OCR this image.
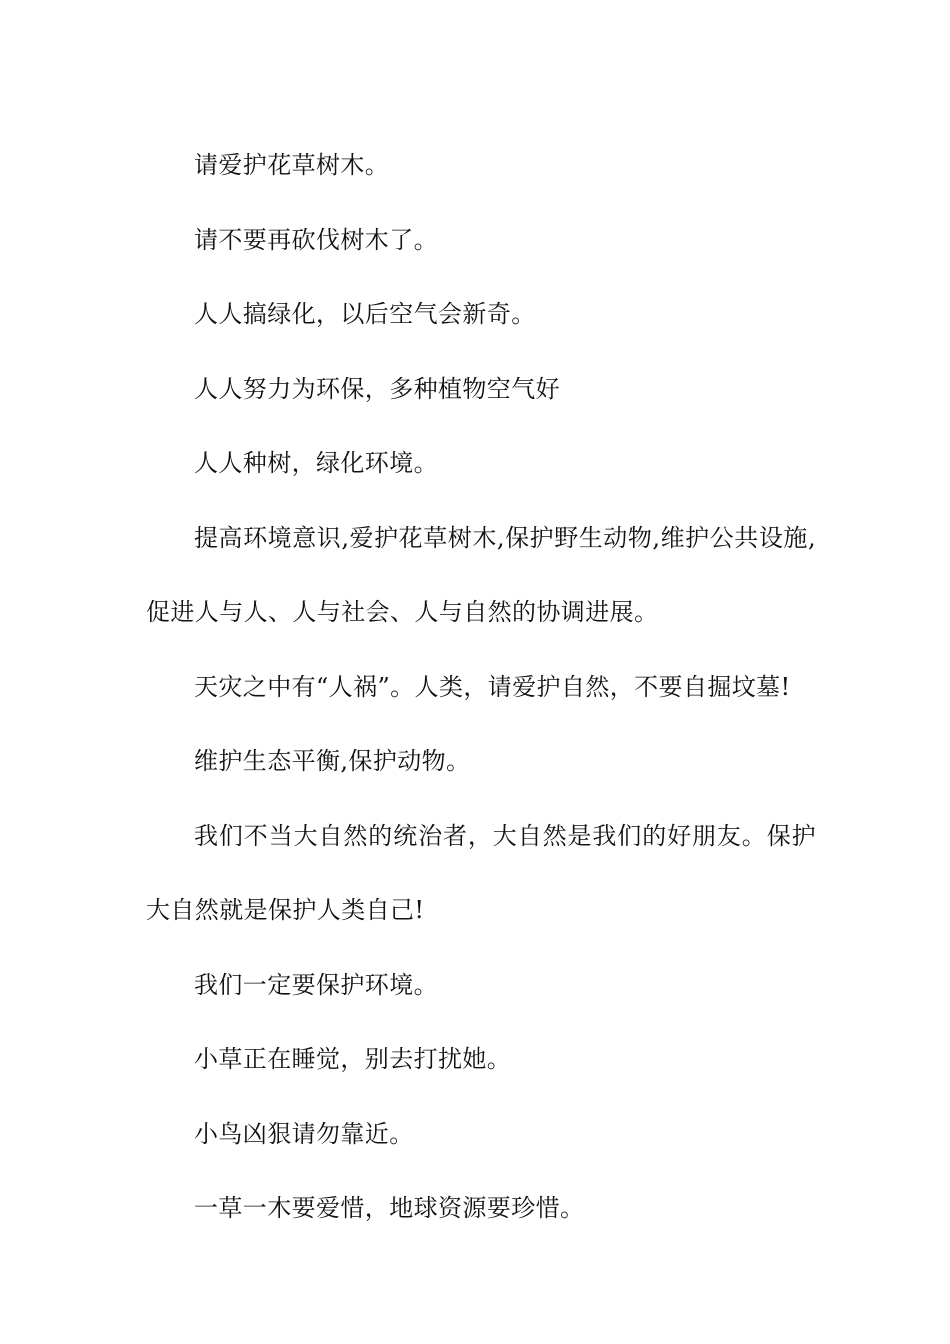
请爱护花草树木。

请不要再砍伐树木了。

人人搞绿化，以后空气会新奇。

人人努力为环保，多种植物空气好

人人种树，绿化环境。

提高环境意识,爱护花草树木,保护野生动物,维护公共设施,促进人与人、人与社会、人与自然的协调进展。

天灾之中有“人祸”。人类，请爱护自然，不要自掘坟墓!

维护生态平衡,保护动物。

我们不当大自然的统治者，大自然是我们的好朋友。保护大自然就是保护人类自己!

我们一定要保护环境。

小草正在睡觉，别去打扰她。

小鸟凶狠请勿靠近。

一草一木要爱惜，地球资源要珍惜。
